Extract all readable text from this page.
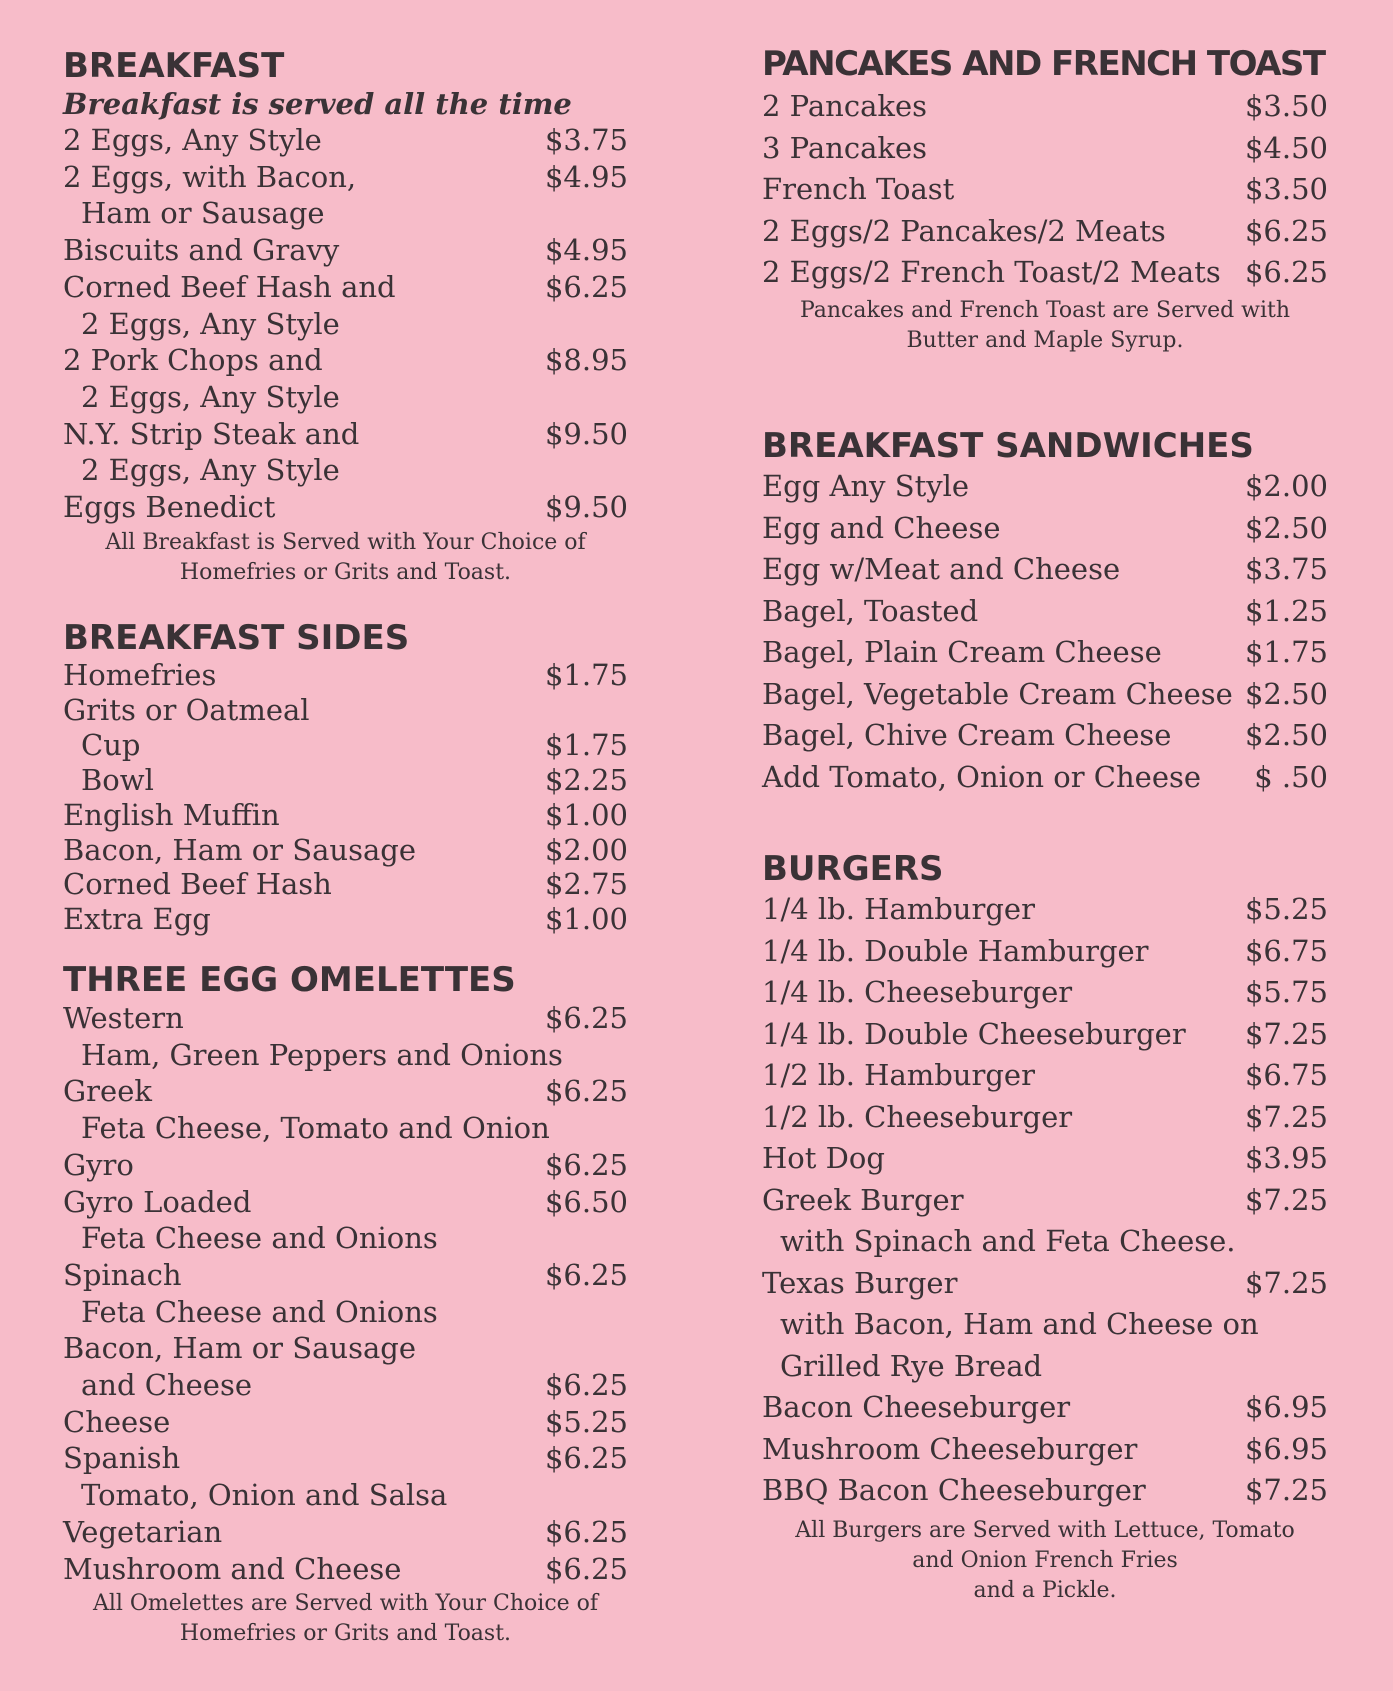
BREAKFAST

Breakfast is served all the time

2 Eggs, Any Style	$3.75
2 Eggs, with Bacon,	$4.95
Ham or Sausage
Biscuits and Gravy	$4.95
Corned Beef Hash and	$6.25
2 Eggs, Any Style
2 Pork Chops and	$8.95
2 Eggs, Any Style
N.Y. Strip Steak and	$9.50
2 Eggs, Any Style
Eggs Benedict	$9.50

All Breakfast is Served with Your Choice of
Homefries or Grits and Toast.

BREAKFAST SIDES
Homefries	$1.75
Grits or Oatmeal
Cup	$1.75
Bowl	$2.25
English Muffin	$1.00
Bacon, Ham or Sausage	$2.00
Corned Beef Hash	$2.75
Extra Egg	$1.00
THREE EGG OMELETTES
Western	$6.25
Ham, Green Peppers and Onions
Greek	$6.25
Feta Cheese, Tomato and Onion
Gyro	$6.25
Gyro Loaded	$6.50
Feta Cheese and Onions
Spinach	$6.25
Feta Cheese and Onions
Bacon, Ham or Sausage
and Cheese	$6.25
Cheese	$5.25
Spanish	$6.25
Tomato, Onion and Salsa
Vegetarian	$6.25
Mushroom and Cheese	$6.25

All Omelettes are Served with Your Choice of
Homefries or Grits and Toast.

PANCAKES AND FRENCH TOAST
2 Pancakes	$3.50
3 Pancakes	$4.50
French Toast	$3.50
2 Eggs/2 Pancakes/2 Meats	$6.25
2 Eggs/2 French Toast/2 Meats $6.25

Pancakes and French Toast are Served with
Butter and Maple Syrup.

BREAKFAST SANDWICHES
Egg Any Style	$2.00
Egg and Cheese	$2.50
Egg w/Meat and Cheese	$3.75
Bagel, Toasted	$1.25
Bagel, Plain Cream Cheese	$1.75
Bagel, Vegetable Cream Cheese $2.50
Bagel, Chive Cream Cheese	$2.50
Add Tomato, Onion or Cheese $ .50
BURGERS
1/4 lb. Hamburger	$5.25
1/4 lb. Double Hamburger	$6.75
1/4 lb. Cheeseburger	$5.75
1/4 lb. Double Cheeseburger $7.25
1/2 lb. Hamburger	$6.75
1/2 lb. Cheeseburger	$7.25
Hot Dog	$3.95
Greek Burger	$7.25
with Spinach and Feta Cheese.
Texas Burger	$7.25
with Bacon, Ham and Cheese on
Grilled Rye Bread
Bacon Cheeseburger	$6.95
Mushroom Cheeseburger	$6.95
BBQ Bacon Cheeseburger	$7.25

All Burgers are Served with Lettuce, Tomato
and Onion French Fries
and a Pickle.
